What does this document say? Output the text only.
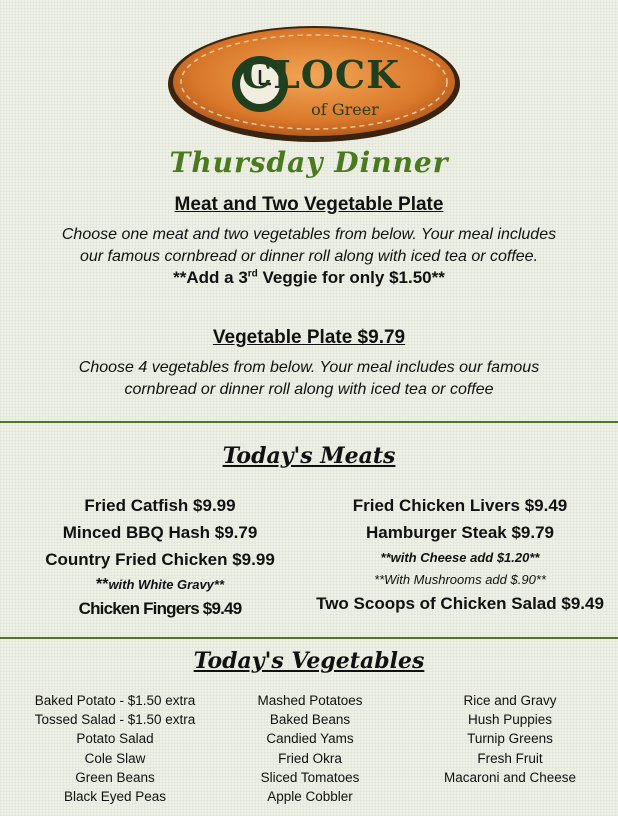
CLOCK
of Greer
Thursday Dinner
Meat and Two Vegetable Plate
Choose one meat and two vegetables from below. Your meal includes
our famous cornbread or dinner roll along with iced tea or coffee.
**Add a 3rd Veggie for only $1.50**
Vegetable Plate $9.79
Choose 4 vegetables from below. Your meal includes our famous
cornbread or dinner roll along with iced tea or coffee
Today's Meats
Fried Catfish $9.99
Minced BBQ Hash $9.79
Country Fried Chicken $9.99
**with White Gravy**
Chicken Fingers $9.49
Fried Chicken Livers $9.49
Hamburger Steak $9.79
**with Cheese add $1.20**
**With Mushrooms add $.90**
Two Scoops of Chicken Salad $9.49
Today's Vegetables
Baked Potato - $1.50 extra
Tossed Salad - $1.50 extra
Potato Salad
Cole Slaw
Green Beans
Black Eyed Peas
Mashed Potatoes
Baked Beans
Candied Yams
Fried Okra
Sliced Tomatoes
Apple Cobbler
Rice and Gravy
Hush Puppies
Turnip Greens
Fresh Fruit
Macaroni and Cheese
